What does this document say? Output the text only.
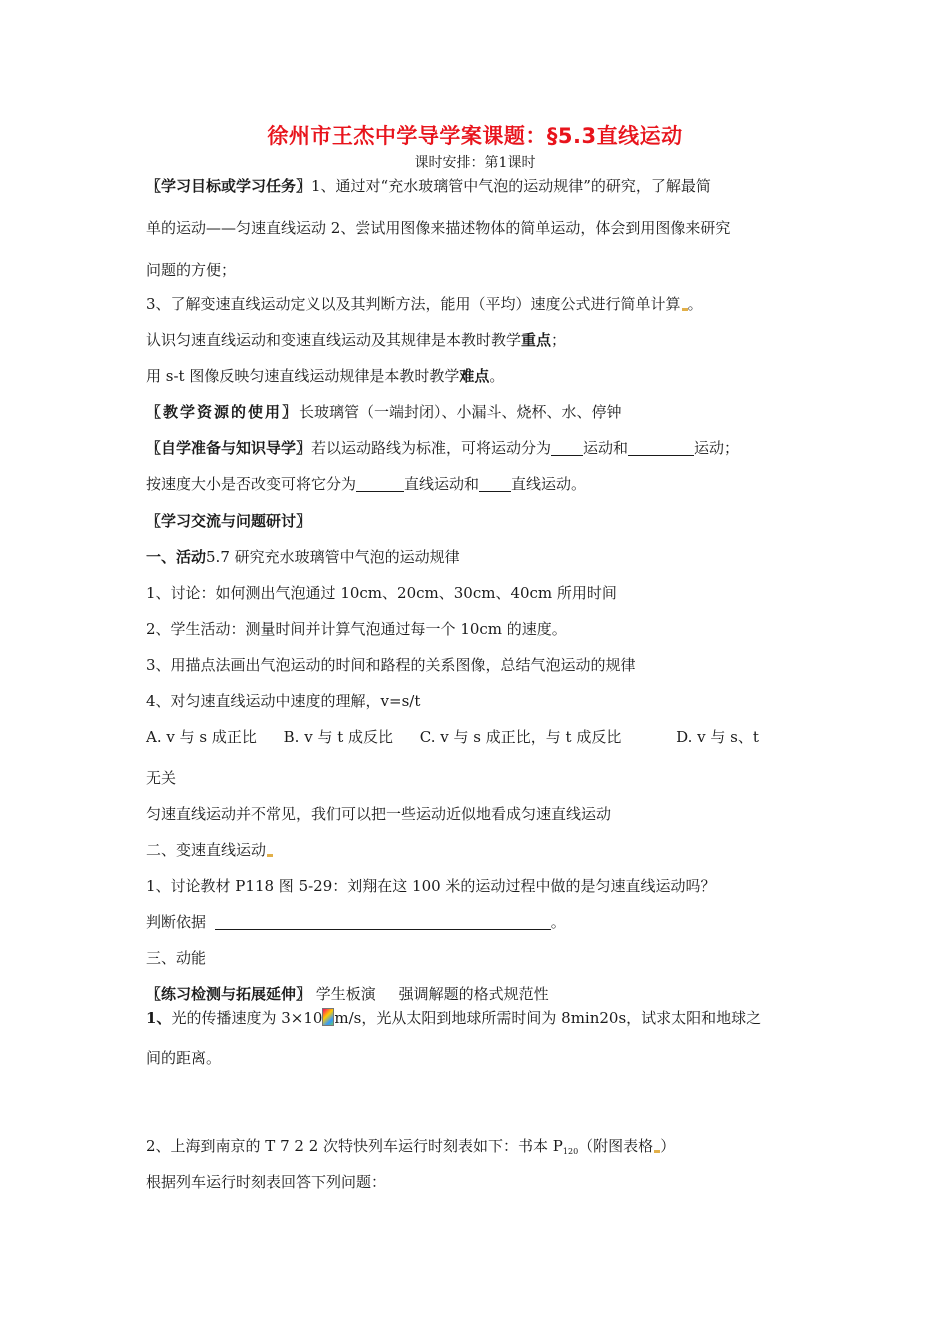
徐州市王杰中学导学案课题：§5.3直线运动
课时安排：第1课时
〖学习目标或学习任务〗1、通过对“充水玻璃管中气泡的运动规律”的研究，了解最简
单的运动——匀速直线运动 2、尝试用图像来描述物体的简单运动，体会到用图像来研究
问题的方便；
3、了解变速直线运动定义以及其判断方法，能用（平均）速度公式进行简单计算 。
认识匀速直线运动和变速直线运动及其规律是本教时教学重点；
用 s-t 图像反映匀速直线运动规律是本教时教学难点。
〖教学资源的使用〗长玻璃管（一端封闭）、小漏斗、烧杯、水、停钟
〖自学准备与知识导学〗若以运动路线为标准，可将运动分为 运动和	运动；
按速度大小是否改变可将它分为	直线运动和 直线运动。
〖学习交流与问题研讨〗
一、活动5.7 研究充水玻璃管中气泡的运动规律
1、讨论：如何测出气泡通过 10cm、20cm、30cm、40cm 所用时间
2、学生活动：测量时间并计算气泡通过每一个 10cm 的速度。
3、用描点法画出气泡运动的时间和路程的关系图像，总结气泡运动的规律
4、对匀速直线运动中速度的理解，v=s/t
A. v 与 s 成正比 B. v 与 t 成反比 C. v 与 s 成正比，与 t 成反比	D. v 与 s、t
无关
匀速直线运动并不常见，我们可以把一些运动近似地看成匀速直线运动
二、变速直线运动
1、讨论教材 P118 图 5-29：刘翔在这 100 米的运动过程中做的是匀速直线运动吗？
判断依据	。
三、动能
〖练习检测与拓展延伸〗 学生板演 强调解题的格式规范性
1、光的传播速度为 3×10 m/s，光从太阳到地球所需时间为 8min20s，试求太阳和地球之
间的距离。
2、上海到南京的 T 7 2 2 次特快列车运行时刻表如下：书本 $P_{120}$（附图表格 ）
根据列车运行时刻表回答下列问题：
